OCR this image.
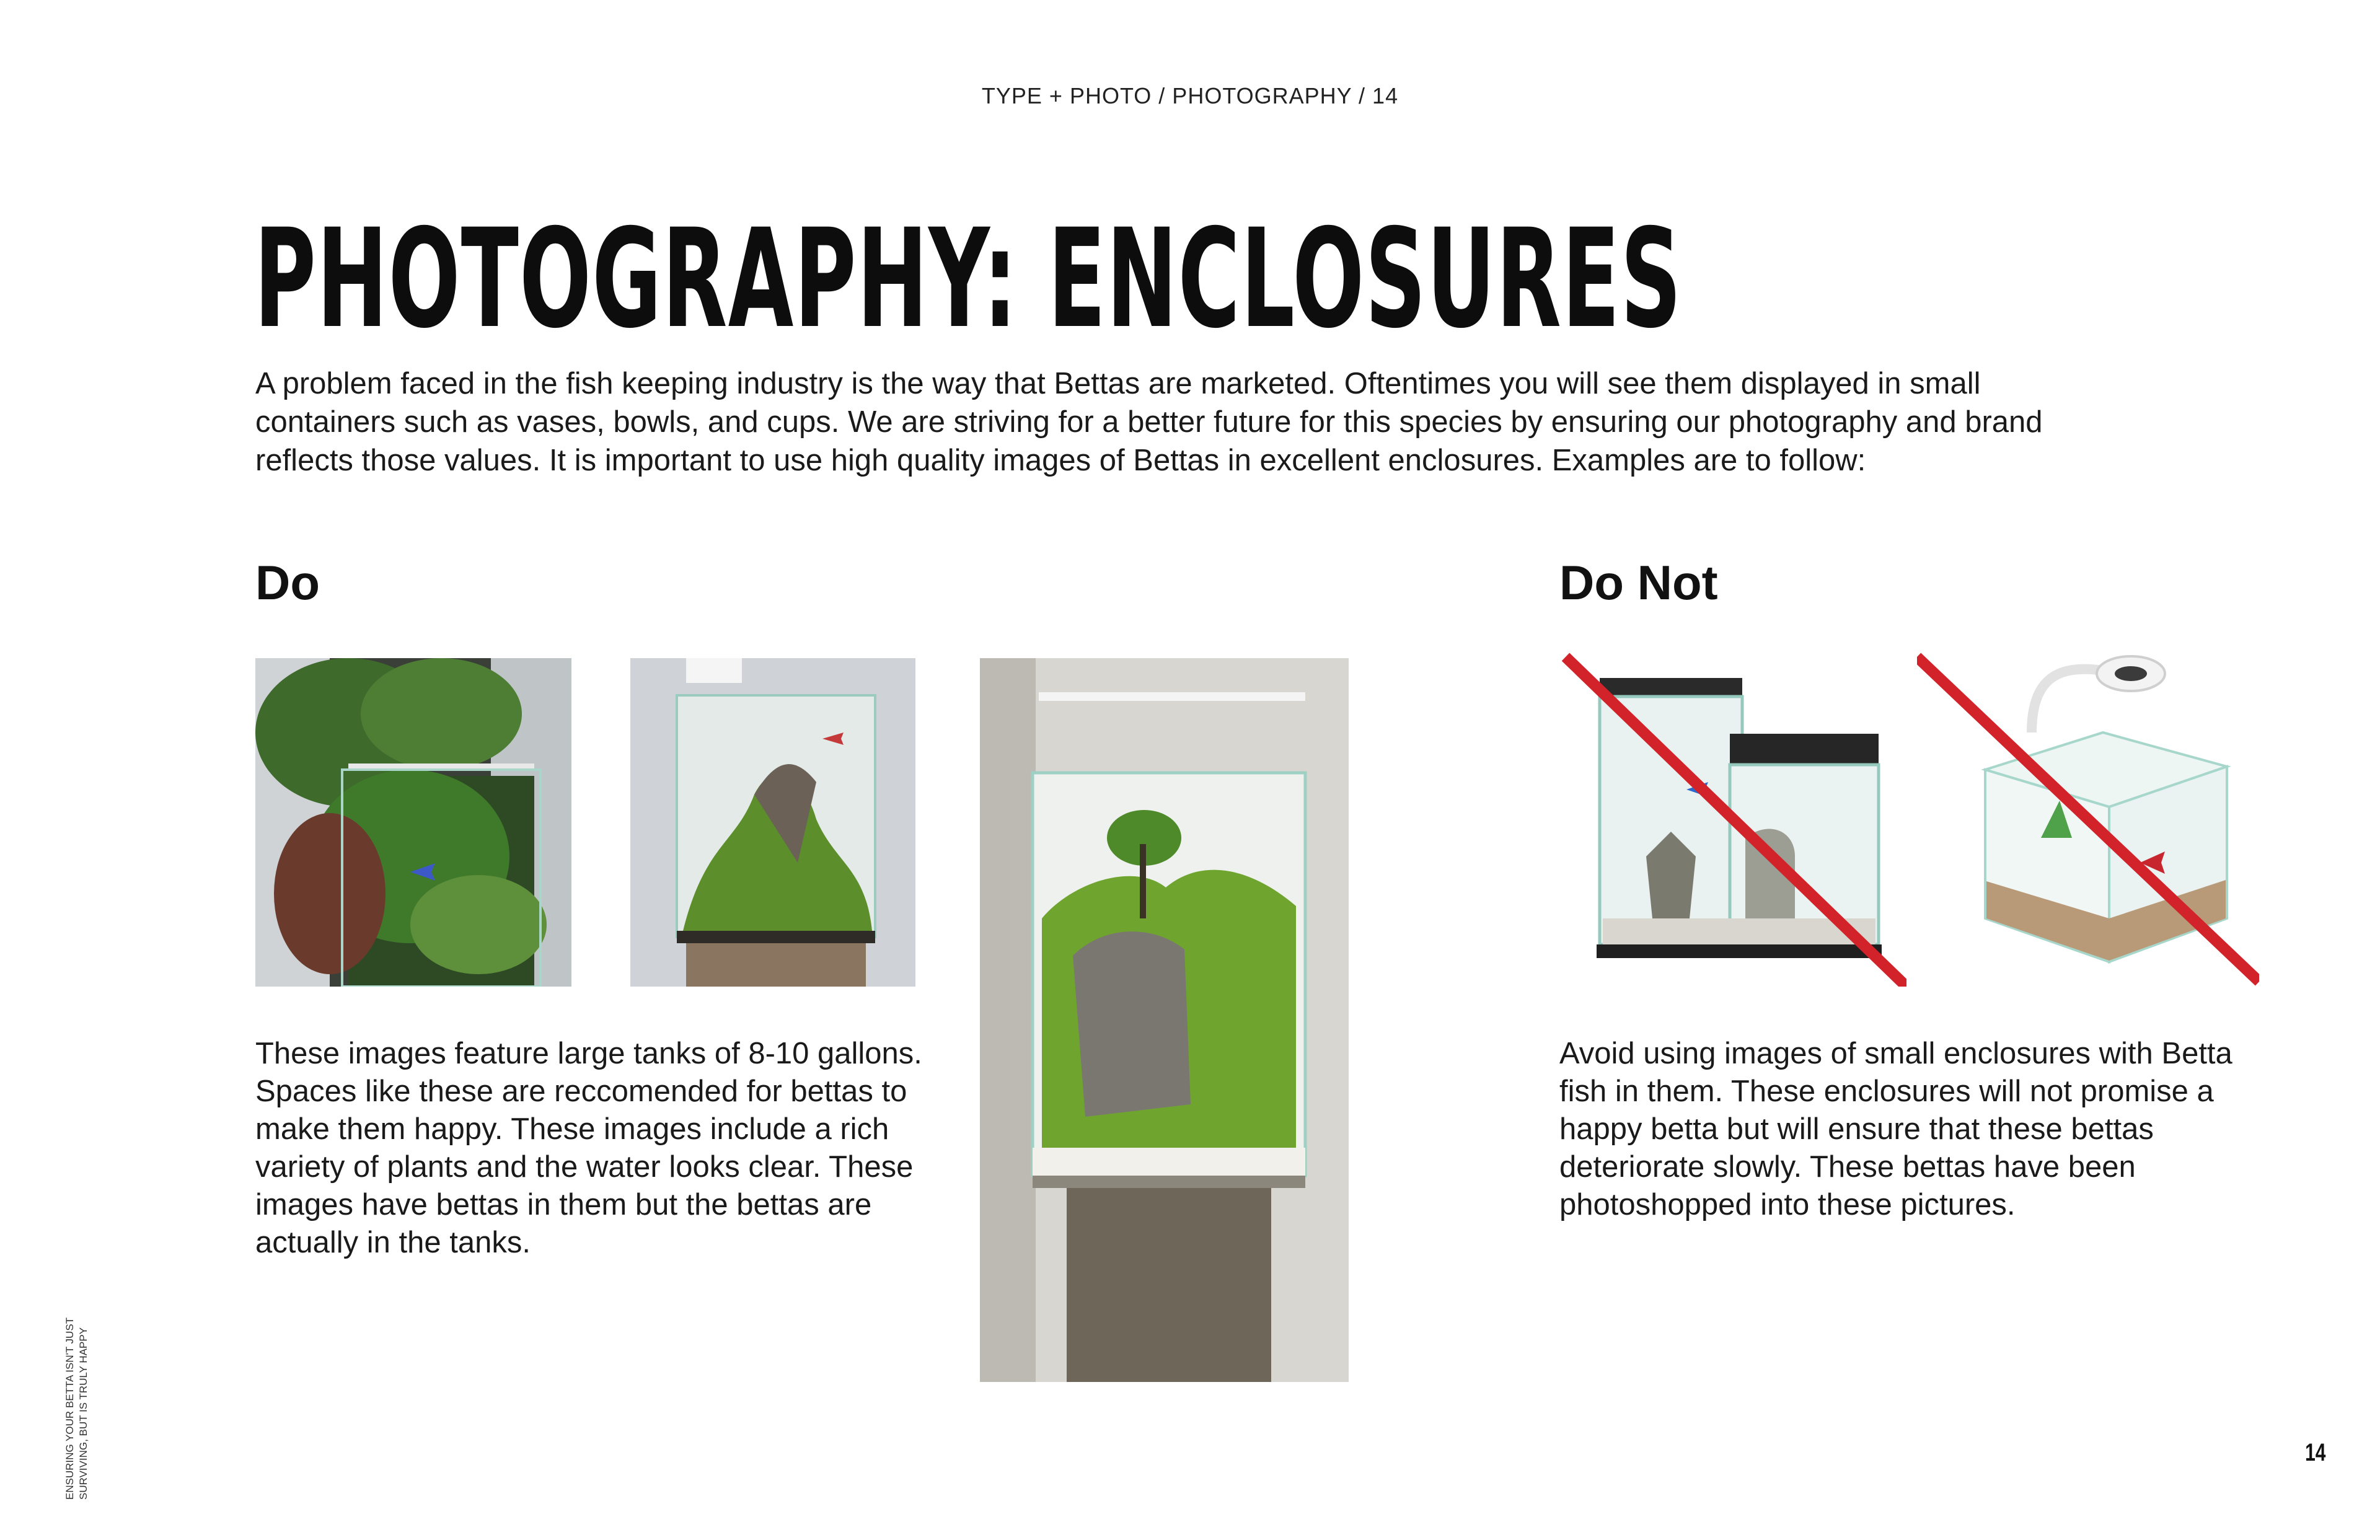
TYPE + PHOTO / PHOTOGRAPHY / 14
PHOTOGRAPHY: ENCLOSURES
A problem faced in the fish keeping industry is the way that Bettas are marketed. Oftentimes you will see them displayed in small containers such as vases, bowls, and cups. We are striving for a better future for this species by ensuring our photography and brand reflects those values. It is important to use high quality images of Bettas in excellent enclosures. Examples are to follow:
Do
These images feature large tanks of 8-10 gallons. Spaces like these are reccomended for bettas to make them happy. These images include a rich variety of plants and the water looks clear. These images have bettas in them but the bettas are actually in the tanks.
Do Not
Avoid using images of small enclosures with Betta fish in them. These enclosures will not promise a happy betta but will ensure that these bettas deteriorate slowly. These bettas have been photoshopped into these pictures.
ENSURING YOUR BETTA ISN'T JUST SURVIVING, BUT IS TRULY HAPPY	14
